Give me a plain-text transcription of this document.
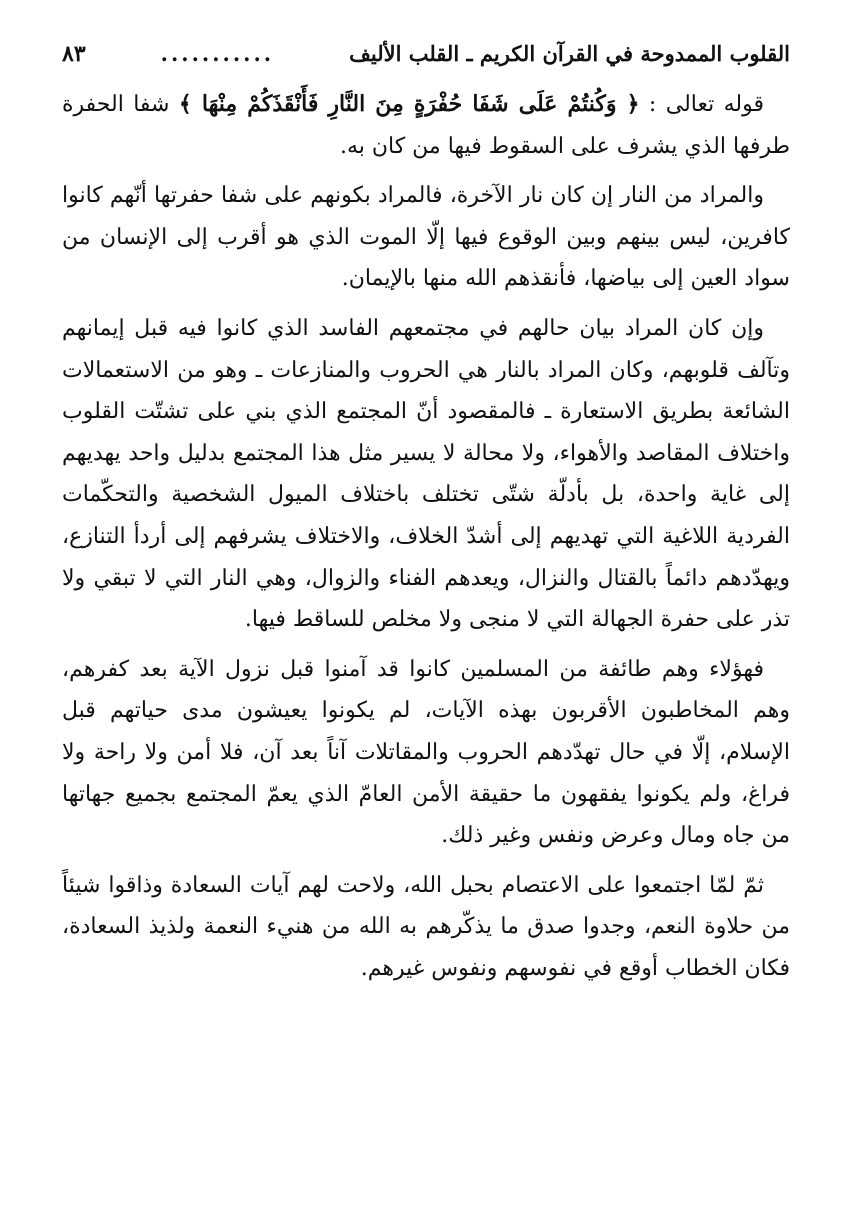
القلوب الممدوحة في القرآن الكريم ـ القلب الأليف
...........
٨٣

قوله تعالى : ﴿ وَكُنتُمْ عَلَى شَفَا حُفْرَةٍ مِنَ النَّارِ فَأَنْقَذَكُمْ مِنْهَا ﴾ شفا الحفرة طرفها الذي يشرف على السقوط فيها من كان به.

والمراد من النار إن كان نار الآخرة، فالمراد بكونهم على شفا حفرتها أنّهم كانوا كافرين، ليس بينهم وبين الوقوع فيها إلّا الموت الذي هو أقرب إلى الإنسان من سواد العين إلى بياضها، فأنقذهم الله منها بالإيمان.

وإن كان المراد بيان حالهم في مجتمعهم الفاسد الذي كانوا فيه قبل إيمانهم وتآلف قلوبهم، وكان المراد بالنار هي الحروب والمنازعات ـ وهو من الاستعمالات الشائعة بطريق الاستعارة ـ فالمقصود أنّ المجتمع الذي بني على تشتّت القلوب واختلاف المقاصد والأهواء، ولا محالة لا يسير مثل هذا المجتمع بدليل واحد يهديهم إلى غاية واحدة، بل بأدلّة شتّى تختلف باختلاف الميول الشخصية والتحكّمات الفردية اللاغية التي تهديهم إلى أشدّ الخلاف، والاختلاف يشرفهم إلى أردأ التنازع، ويهدّدهم دائماً بالقتال والنزال، ويعدهم الفناء والزوال، وهي النار التي لا تبقي ولا تذر على حفرة الجهالة التي لا منجى ولا مخلص للساقط فيها.

فهؤلاء وهم طائفة من المسلمين كانوا قد آمنوا قبل نزول الآية بعد كفرهم، وهم المخاطبون الأقربون بهذه الآيات، لم يكونوا يعيشون مدى حياتهم قبل الإسلام، إلّا في حال تهدّدهم الحروب والمقاتلات آناً بعد آن، فلا أمن ولا راحة ولا فراغ، ولم يكونوا يفقهون ما حقيقة الأمن العامّ الذي يعمّ المجتمع بجميع جهاتها من جاه ومال وعرض ونفس وغير ذلك.

ثمّ لمّا اجتمعوا على الاعتصام بحبل الله، ولاحت لهم آيات السعادة وذاقوا شيئاً من حلاوة النعم، وجدوا صدق ما يذكّرهم به الله من هنيء النعمة ولذيذ السعادة، فكان الخطاب أوقع في نفوسهم ونفوس غيرهم.
